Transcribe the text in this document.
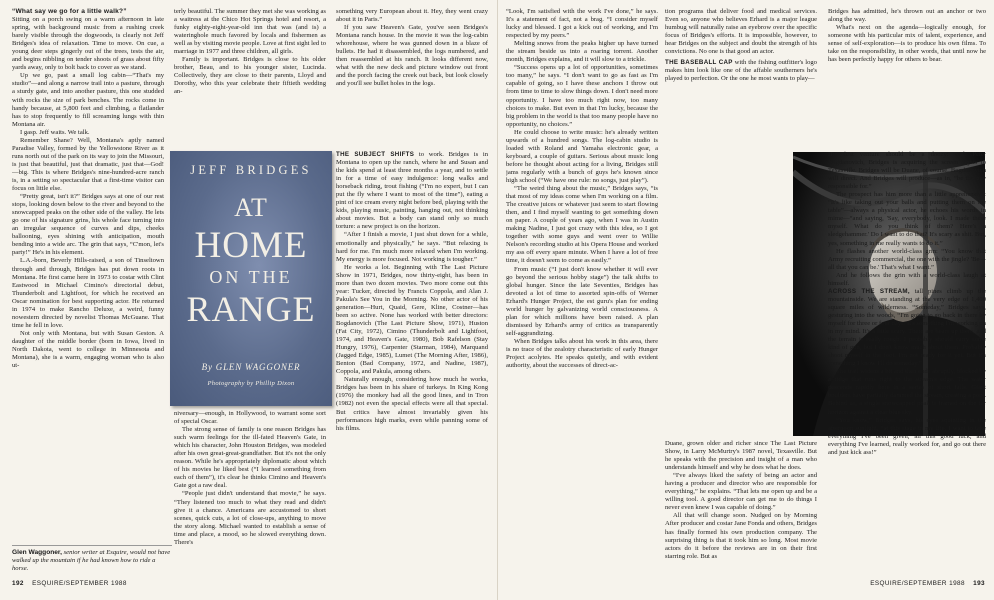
“What say we go for a little walk?”

Sitting on a porch swing on a warm afternoon in late spring, with background music from a rushing creek barely visible through the dogwoods, is clearly not Jeff Bridges's idea of relaxation. Time to move. On cue, a young deer steps gingerly out of the trees, tests the air, and begins nibbling on tender shoots of grass about fifty yards away, only to bolt back to cover as we stand.

Up we go, past a small log cabin—“That's my studio”—and along a narrow trail into a pasture, through a sturdy gate, and into another pasture, this one studded with rocks the size of park benches. The rocks come in handy because, at 5,800 feet and climbing, a flatlander has to stop frequently to fill screaming lungs with thin Montana air.

I gasp. Jeff waits. We talk.

Remember Shane? Well, Montana's aptly named Paradise Valley, formed by the Yellowstone River as it runs north out of the park on its way to join the Missouri, is just that beautiful, just that dramatic, just that—God!—big. This is where Bridges's nine-hundred-acre ranch is, in a setting so spectacular that a first-time visitor can focus on little else.

“Pretty great, isn't it?” Bridges says at one of our rest stops, looking down below to the river and beyond to the snowcapped peaks on the other side of the valley. He lets go one of his signature grins, his whole face turning into an irregular sequence of curves and dips, cheeks ballooning, eyes shining with anticipation, mouth bending into a wide arc. The grin that says, “C'mon, let's party!” He's in his element.

L.A.-born, Beverly Hills-raised, a son of Tinseltown through and through, Bridges has put down roots in Montana. He first came here in 1973 to costar with Clint Eastwood in Michael Cimino's directorial debut, Thunderbolt and Lightfoot, for which he received an Oscar nomination for best supporting actor. He returned in 1974 to make Rancho Deluxe, a weird, funny nowestern directed by novelist Thomas McGuane. That time he fell in love.

Not only with Montana, but with Susan Geston. A daughter of the middle border (born in Iowa, lived in North Dakota, went to college in Minnesota and Montana), she is a warm, engaging woman who is also ut-

Glen Waggoner, senior writer at Esquire, would not have walked up the mountain if he had known how to ride a horse.

terly beautiful. The summer they met she was working as a waitress at the Chico Hot Springs hotel and resort, a funky eighty-eight-year-old inn that was (and is) a wateringhole much favored by locals and fishermen as well as by visiting movie people. Love at first sight led to marriage in 1977 and three children, all girls.

Family is important. Bridges is close to his older brother, Beau, and to his younger sister, Lucinda. Collectively, they are close to their parents, Lloyd and Dorothy, who this year celebrate their fiftieth wedding an-

JEFF BRIDGES
AT
HOME
ON THE
RANGE
By GLEN WAGGONER
Photography by Phillip Dixon

niversary—enough, in Hollywood, to warrant some sort of special Oscar.

The strong sense of family is one reason Bridges has such warm feelings for the ill-fated Heaven's Gate, in which his character, John Houston Bridges, was modeled after his own great-great-grandfather. But it's not the only reason. While he's appropriately diplomatic about which of his movies he liked best (“I learned something from each of them”), it's clear he thinks Cimino and Heaven's Gate got a raw deal.

“People just didn't understand that movie,” he says. “They listened too much to what they read and didn't give it a chance. Americans are accustomed to short scenes, quick cuts, a lot of close-ups, anything to move the story along. Michael wanted to establish a sense of time and place, a mood, so he slowed everything down. There's

something very European about it. Hey, they went crazy about it in Paris.”

If you saw Heaven's Gate, you've seen Bridges's Montana ranch house. In the movie it was the log-cabin whorehouse, where he was gunned down in a blaze of bullets. He had it disassembled, the logs numbered, and then reassembled at his ranch. It looks different now, what with the new deck and picture window out front and the porch facing the creek out back, but look closely and you'll see bullet holes in the logs.

THE SUBJECT SHIFTS to work. Bridges is in Montana to open up the ranch, where he and Susan and the kids spend at least three months a year, and to settle in for a time of easy indulgence: long walks and horseback riding, trout fishing (“I'm no expert, but I can put the fly where I want to most of the time”), eating a pint of ice cream every night before bed, playing with the kids, playing music, painting, hanging out, not thinking about movies. But a body can stand only so much torture: a new project is on the horizon.

“After I finish a movie, I just shut down for a while, emotionally and physically,” he says. “But relaxing is hard for me. I'm much more relaxed when I'm working. My energy is more focused. Not working is tougher.”

He works a lot. Beginning with The Last Picture Show in 1971, Bridges, now thirty-eight, has been in more than two dozen movies. Two more come out this year: Tucker, directed by Francis Coppola, and Alan J. Pakula's See You in the Morning. No other actor of his generation—Hurt, Quaid, Gere, Kline, Costner—has been so active. None has worked with better directors: Bogdanovich (The Last Picture Show, 1971), Huston (Fat City, 1972), Cimino (Thunderbolt and Lightfoot, 1974, and Heaven's Gate, 1980), Bob Rafelson (Stay Hungry, 1976), Carpenter (Starman, 1984), Marquand (Jagged Edge, 1985), Lumet (The Morning After, 1986), Benton (Bad Company, 1972, and Nadine, 1987), Coppola, and Pakula, among others.

Naturally enough, considering how much he works, Bridges has been in his share of turkeys. In King Kong (1976) the monkey had all the good lines, and in Tron (1982) not even the special effects were all that special. But critics have almost invariably given his performances high marks, even while panning some of his films.

192 ESQUIRE/SEPTEMBER 1988

“Look, I'm satisfied with the work I've done,” he says. It's a statement of fact, not a brag. “I consider myself lucky and blessed. I got a kick out of working, and I'm respected by my peers.”

Melting snows from the peaks higher up have turned the stream beside us into a roaring torrent. Another month, Bridges explains, and it will slow to a trickle.

“Success opens up a lot of opportunities, sometimes too many,” he says. “I don't want to go as fast as I'm capable of going, so I have these anchors I throw out from time to time to slow things down. I don't need more opportunity. I have too much right now, too many choices to make. But even in that I'm lucky, because the big problem in the world is that too many people have no opportunity, no choices.”

He could choose to write music: he's already written upwards of a hundred songs. The log-cabin studio is loaded with Roland and Yamaha electronic gear, a keyboard, a couple of guitars. Serious about music long before he thought about acting for a living, Bridges still jams regularly with a bunch of guys he's known since high school (“We have one rule: no songs, just play”).

“The weird thing about the music,” Bridges says, “is that most of my ideas come when I'm working on a film. The creative juices or whatever just seem to start flowing then, and I find myself wanting to get something down on paper. A couple of years ago, when I was in Austin making Nadine, I just got crazy with this idea, so I got together with some guys and went over to Willie Nelson's recording studio at his Opera House and worked my ass off every spare minute. When I have a lot of free time, it doesn't seem to come as easily.”

From music (“I just don't know whether it will ever go beyond the serious hobby stage”) the talk shifts to global hunger. Since the late Seventies, Bridges has devoted a lot of time to assorted spin-offs of Werner Erhard's Hunger Project, the est guru's plan for ending world hunger by galvanizing world consciousness. A plan for which millions have been raised. A plan dismissed by Erhard's army of critics as transparently self-aggrandizing.

When Bridges talks about his work in this area, there is no trace of the zealotry characteristic of early Hunger Project acolytes. He speaks quietly, and with evident authority, about the successes of direct-ac-

tion programs that deliver food and medical services. Even so, anyone who believes Erhard is a major league humbug will naturally raise an eyebrow over the specific focus of Bridges's efforts. It is impossible, however, to hear Bridges on the subject and doubt the strength of his convictions. No one is that good an actor.

THE BASEBALL CAP with the fishing outfitter's logo makes him look like one of the affable southerners he's played to perfection. Or the one he most wants to play—

Duane, grown older and richer since The Last Picture Show, in Larry McMurtry's 1987 novel, Texasville. But he speaks with the precision and insight of a man who understands himself and why he does what he does.

“I've always liked the safety of being an actor and having a producer and director who are responsible for everything,” he explains. “That lets me open up and be a willing tool. A good director can get me to do things I never even knew I was capable of doing.”

All that will change soon. Nudged on by Morning After producer and costar Jane Fonda and others, Bridges has finally formed his own production company. The surprising thing is that it took him so long. Most movie actors do it before the reviews are in on their first starring role. But as

Bridges has admitted, he's thrown out an anchor or two along the way.

What's next on the agenda—logically enough, for someone with his particular mix of talent, experience, and sense of self-exploration—is to produce his own films. To take on the responsibility, in other words, that until now he has been perfectly happy for others to bear.

His first venture should be a doozy: with Peter Bogdanovich, Bridges is acquiring the screen rights to Texasville. Bridges will be Duane, of course. Bogdanovich will direct. And Bridges will produce—as in, “be the guy responsible for.”

The prospect has him more than a little apprehensive: “It's like taking out your balls and putting them on the table”—always a physical actor, he echoes his words in mime—“and saying, 'Say, everybody, look. I made these myself. What do you think of them? Here's a sledgehammer.' Do I want to do that? It's scary as shit. But, yes, something in me really wants to do it.”

He flashes another world-class grin: “You know that Army recruiting commercial, the one with the jingle? 'Be—all that you can be.' That's what I want.”

And he follows the grin with a world-class laugh at himself.

ACROSS THE STREAM, tall pines climb up the mountainside. We are standing at the very edge of 1,400 square miles of wilderness. “Someday,” Bridges says, gesturing into the woods, “I'm going to go back in there by myself for three or four days. It's something I'm working on in my mind. It's a little scary. There are bears up there, and the terrain is really rough. I probably should carry some kind of gun, but I don't know much about them. Probably shoot myself in the foot. I'm not ready for it yet. But it's something I know I'll do someday.”

The trail widens a bit and then ends abruptly, blocked by a ridge that runs right to the stream's edge. The water descends rapidly here in a series of short falls. Giant boulders have partially dammed the stream, creating a pool. Behind us, a single snowcapped peak is framed on the far horizon against a clear blue sky.

“You know,” Bridges says, his eyes squinting in the afternoon sunlight, “at this stage in my life, I want to take everything I've been given, all this good luck, and everything I've learned, really worked for, and go out there and just kick ass!”

ESQUIRE/SEPTEMBER 1988 193
